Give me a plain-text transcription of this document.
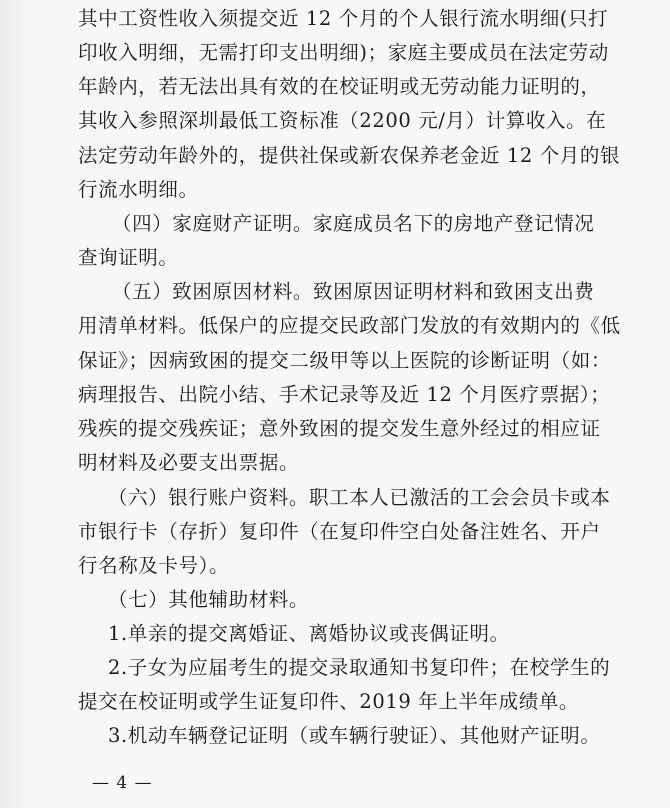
其中工资性收入须提交近 12 个月的个人银行流水明细(只打
印收入明细，无需打印支出明细)；家庭主要成员在法定劳动
年龄内，若无法出具有效的在校证明或无劳动能力证明的，
其收入参照深圳最低工资标准（2200 元/月）计算收入。在
法定劳动年龄外的，提供社保或新农保养老金近 12 个月的银
行流水明细。
（四）家庭财产证明。家庭成员名下的房地产登记情况
查询证明。
（五）致困原因材料。致困原因证明材料和致困支出费
用清单材料。低保户的应提交民政部门发放的有效期内的《低
保证》；因病致困的提交二级甲等以上医院的诊断证明（如：
病理报告、出院小结、手术记录等及近 12 个月医疗票据）；
残疾的提交残疾证；意外致困的提交发生意外经过的相应证
明材料及必要支出票据。
（六）银行账户资料。职工本人已激活的工会会员卡或本
市银行卡（存折）复印件（在复印件空白处备注姓名、开户
行名称及卡号）。
（七）其他辅助材料。
1.单亲的提交离婚证、离婚协议或丧偶证明。
2.子女为应届考生的提交录取通知书复印件；在校学生的
提交在校证明或学生证复印件、2019 年上半年成绩单。
3.机动车辆登记证明（或车辆行驶证）、其他财产证明。
— 4 —
